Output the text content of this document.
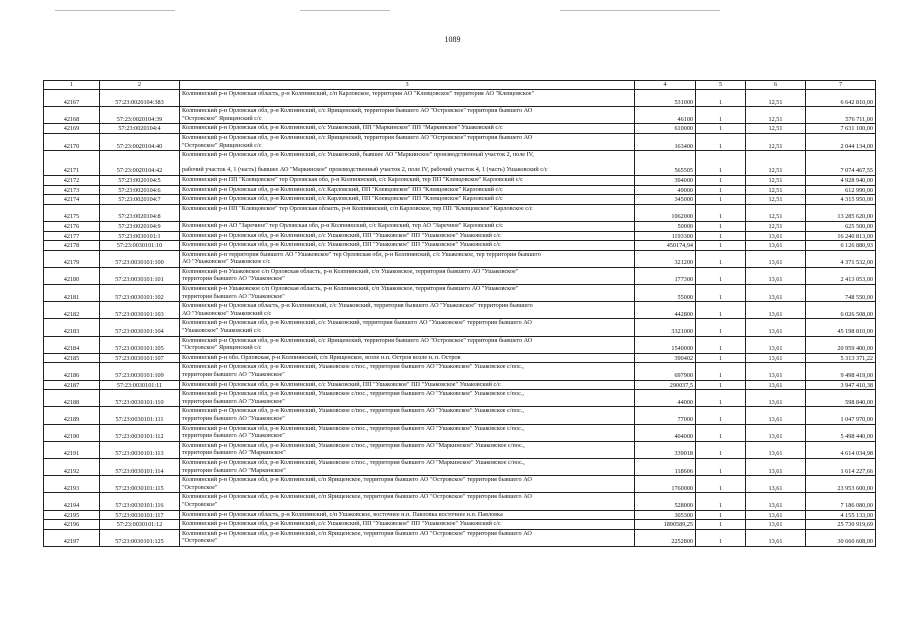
1089
1	2	3	4	5	6	7
42167	57:23:0020104:383	Колпнянский р-н Орловская область, р-н Колпнянский, с/п Карловское, территория АО "Клевцовское" территория АО "Клевцовское"	531000	1	12,51	6 642 810,00
42168	57:23:0020104:39	Колпнянский р-н Орловская обл, р-н Колпнянский, с/с Ярищенский, территория бывшего АО "Островское" территория бывшего АО
"Островское" Ярищенский с/с	46100	1	12,51	576 711,00
42169	57:23:0020104:4	Колпнянский р-н Орловская обл, р-н Колпнянский, с/с Ушаковский, ПП "Маркинское" ПП "Маркинское" Ушаковский с/с	610000	1	12,51	7 631 100,00
42170	57:23:0020104:40	Колпнянский р-н Орловская обл, р-н Колпнянский, с/с Ярищенский, территория бывшего АО "Островское" территория бывшего АО
"Островское" Ярищенский с/с	163400	1	12,51	2 044 134,00
42171	57:23:0020104:42	Колпнянский р-н Орловская обл, р-н Колпнянский, с/с Ушаковский, бывшее АО "Маркинское" производственный участок 2, поле IV,

рабочий участок 4, 1 (часть) бывшее АО "Маркинское" производственный участок 2, поле IV, рабочий участок 4, 1 (часть) Ушаковский с/с	565505	1	12,51	7 074 467,55
42172	57:23:0020104:5	Колпнянский р-н ПП "Клевцовское" тер Орловская обл, р-н Колпнянский, с/с Карловский, тер ПП "Клевцовское" Карловский с/с	394000	1	12,51	4 928 940,00
42173	57:23:0020104:6	Колпнянский р-н Орловская обл, р-н Колпнянский, с/с Карловский, ПП "Клевцовское" ПП "Клевцовское" Карловский с/с	49000	1	12,51	612 990,00
42174	57:23:0020104:7	Колпнянский р-н Орловская обл, р-н Колпнянский, с/с Карловский, ПП "Клевцовское" ПП "Клевцовское" Карловский с/с	345000	1	12,51	4 315 950,00
42175	57:23:0020104:8	Колпнянский р-н ПП "Клевцовское" тер Орловская область, р-н Колпнянский, с/п Карловское, тер ПП "Клевцовское" Карловское с/с	1062000	1	12,51	13 285 620,00
42176	57:23:0020104:9	Колпнянский р-н АО "Заречное" тер Орловская обл, р-н Колпнянский, с/с Карловский, тер АО "Заречное" Карловский с/с	50000	1	12,51	625 500,00
42177	57:23:0030101:1	Колпнянский р-н Орловская обл, р-н Колпнянский, с/с Ушаковский, ПП "Ушаковское" ПП "Ушаковское" Ушаковский с/с	1193300	1	13,61	16 240 813,00
42178	57:23:0030101:10	Колпнянский р-н Орловская обл, р-н Колпнянский, с/с Ушаковский, ПП "Ушаковское" ПП "Ушаковское" Ушаковский с/с	450174,94	1	13,61	6 126 880,93
42179	57:23:0030101:100	Колпнянский р-н территория бывшего АО "Ушаковское" тер Орловская обл, р-н Колпнянский, с/с Ушаковское, тер территория бывшего
АО "Ушаковское" Ушаковское с/с	321200	1	13,61	4 371 532,00
42180	57:23:0030101:101	Колпнянский р-н Ушаковское с/п Орловская область, р-н Колпнянский, с/п Ушаковское, территория бывшего АО "Ушаковское"
территория бывшего АО "Ушаковское"	177300	1	13,61	2 413 053,00
42181	57:23:0030101:102	Колпнянский р-н Ушаковское с/п Орловская область, р-н Колпнянский, с/п Ушаковское, территория бывшего АО "Ушаковское"
территория бывшего АО "Ушаковское"	55000	1	13,61	748 550,00
42182	57:23:0030101:103	Колпнянский р-н Орловская область, р-н Колпнянский, с/с Ушаковский, территория бывшего АО "Ушаковское" территория бывшего
АО "Ушаковское" Ушаковский с/с	442800	1	13,61	6 026 508,00
42183	57:23:0030101:104	Колпнянский р-н Орловская обл, р-н Колпнянский, с/с Ушаковский, территория бывшего АО "Ушаковское" территория бывшего АО
"Ушаковское" Ушаковский с/с	3321000	1	13,61	45 198 810,00
42184	57:23:0030101:105	Колпнянский р-н Орловская обл, р-н Колпнянский, с/с Ярищенский, территория бывшего АО "Островское" территория бывшего АО
"Островское" Ярищенский с/с	1540000	1	13,61	20 959 400,00
42185	57:23:0030101:107	Колпнянский р-н обл. Орловская, р-н Колпнянский, с/п Ярищенское, возле н.п. Остров возле н. п. Остров	390402	1	13,61	5 313 371,22
42186	57:23:0030101:109	Колпнянский р-н Орловская обл, р-н Колпнянский, Ушаковское с/пос., территория бывшего АО "Ушаковское" Ушаковское с/пос.,
территория бывшего АО "Ушаковское"	697900	1	13,61	9 498 419,00
42187	57:23:0030101:11	Колпнянский р-н Орловская обл, р-н Колпнянский, с/с Ушаковский, ПП "Ушаковское" ПП "Ушаковское" Ушаковский с/с	290037,5	1	13,61	3 947 410,38
42188	57:23:0030101:110	Колпнянский р-н Орловская обл, р-н Колпнянский, Ушаковское с/пос., территория бывшего АО "Ушаковское" Ушаковское с/пос.,
территория бывшего АО "Ушаковское"	44000	1	13,61	598 840,00
42189	57:23:0030101:111	Колпнянский р-н Орловская обл, р-н Колпнянский, Ушаковское с/пос., территория бывшего АО "Ушаковское" Ушаковское с/пос.,
территория бывшего АО "Ушаковское"	77000	1	13,61	1 047 970,00
42190	57:23:0030101:112	Колпнянский р-н Орловская обл, р-н Колпнянский, Ушаковское с/пос., территория бывшего АО "Ушаковское" Ушаковское с/пос.,
территория бывшего АО "Ушаковское"	404000	1	13,61	5 498 440,00
42191	57:23:0030101:113	Колпнянский р-н Орловская обл, р-н Колпнянский, Ушаковское с/пос., территория бывшего АО "Маркинское" Ушаковское с/пос.,
территория бывшего АО "Маркинское"	339018	1	13,61	4 614 034,98
42192	57:23:0030101:114	Колпнянский р-н Орловская обл, р-н Колпнянский, Ушаковское с/пос., территория бывшего АО "Маркинское" Ушаковское с/пос.,
территория бывшего АО "Маркинское"	118606	1	13,61	1 614 227,66
42193	57:23:0030101:115	Колпнянский р-н Орловская обл, р-н Колпнянский, с/п Ярищенское, территория бывшего АО "Островское" территория бывшего АО
"Островское"	1760000	1	13,61	23 953 600,00
42194	57:23:0030101:116	Колпнянский р-н Орловская обл, р-н Колпнянский, с/п Ярищенское, территория бывшего АО "Островское" территория бывшего АО
"Островское"	528000	1	13,61	7 186 080,00
42195	57:23:0030101:117	Колпнянский р-н Орловская область, р-н Колпнянский, с/п Ушаковское, восточнее н.п. Павловка восточнее н.п. Павловка	305300	1	13,61	4 155 133,00
42196	57:23:0030101:12	Колпнянский р-н Орловская обл, р-н Колпнянский, с/с Ушаковский, ПП "Ушаковское" ПП "Ушаковское" Ушаковский с/с	1890589,25	1	13,61	25 730 919,69
42197	57:23:0030101:125	Колпнянский р-н Орловская обл, р-н Колпнянский, с/п Ярищенское, территория бывшего АО "Островское" территория бывшего АО
"Островское"	2252800	1	13,61	30 660 608,00
